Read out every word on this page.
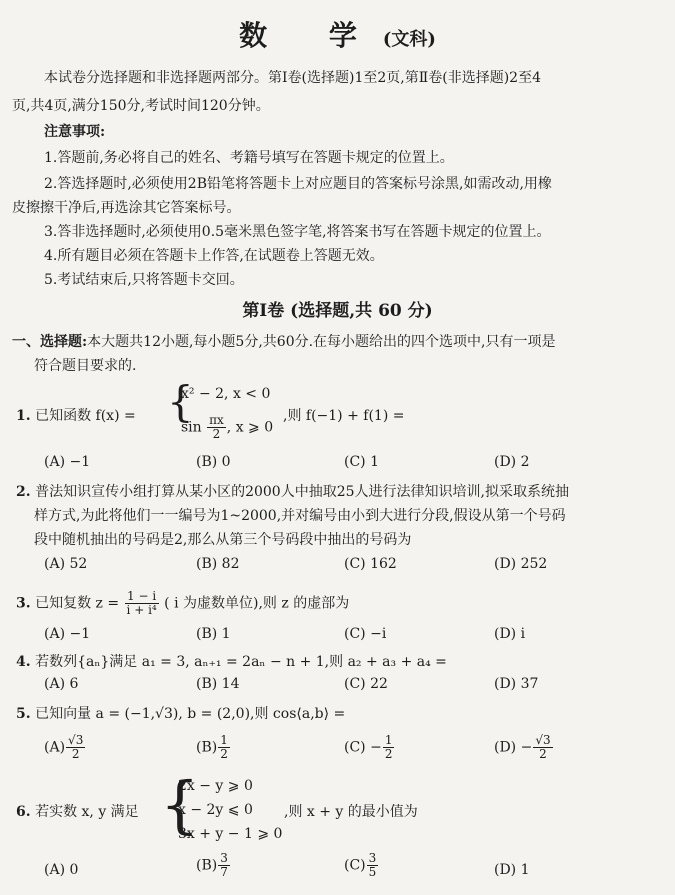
数 学(文科)
本试卷分选择题和非选择题两部分。第Ⅰ卷(选择题)1至2页,第Ⅱ卷(非选择题)2至4
页,共4页,满分150分,考试时间120分钟。
注意事项:
1.答题前,务必将自己的姓名、考籍号填写在答题卡规定的位置上。
2.答选择题时,必须使用2B铅笔将答题卡上对应题目的答案标号涂黑,如需改动,用橡
皮擦擦干净后,再选涂其它答案标号。
3.答非选择题时,必须使用0.5毫米黑色签字笔,将答案书写在答题卡规定的位置上。
4.所有题目必须在答题卡上作答,在试题卷上答题无效。
5.考试结束后,只将答题卡交回。
第Ⅰ卷 (选择题,共 60 分)
一、选择题:本大题共12小题,每小题5分,共60分.在每小题给出的四个选项中,只有一项是
符合题目要求的.
1. 已知函数 f(x) = {
x² − 2, x < 0
$\sin \frac{\pi x}{2}$ , x ⩾ 0
,则 f(−1) + f(1) =
(A) −1	(B) 0	(C) 1	(D) 2
2. 普法知识宣传小组打算从某小区的2000人中抽取25人进行法律知识培训,拟采取系统抽
样方式,为此将他们一一编号为1~2000,并对编号由小到大进行分段,假设从第一个号码
段中随机抽出的号码是2,那么从第三个号码段中抽出的号码为
(A) 52	(B) 82	(C) 162	(D) 252
3. 已知复数 $z = \frac{1 - i}{\text{i + i⁴}}$ ( i 为虚数单位),则 z 的虚部为
(A) −1	(B) 1	(C) −i	(D) i
4. 若数列{aₙ}满足 a₁ = 3, aₙ₊₁ = 2aₙ − n + 1,则 a₂ + a₃ + a₄ =
(A) 6	(B) 14	(C) 22	(D) 37
5. 已知向量 a = (−1,√3), b = (2,0),则 cos⟨a,b⟩ =
$(A) \frac{√3}{2}$	$(B) \frac{1}{2}$	$(C) - \frac{1}{2}$	$(D) - \frac{√3}{2}$
6. 若实数 x, y 满足 {
2x − y ⩾ 0
x − 2y ⩽ 0
3x + y − 1 ⩾ 0
,则 x + y 的最小值为
(A) 0	$(B) \frac{3}{7}$	$(C) \frac{3}{5}$	(D) 1
